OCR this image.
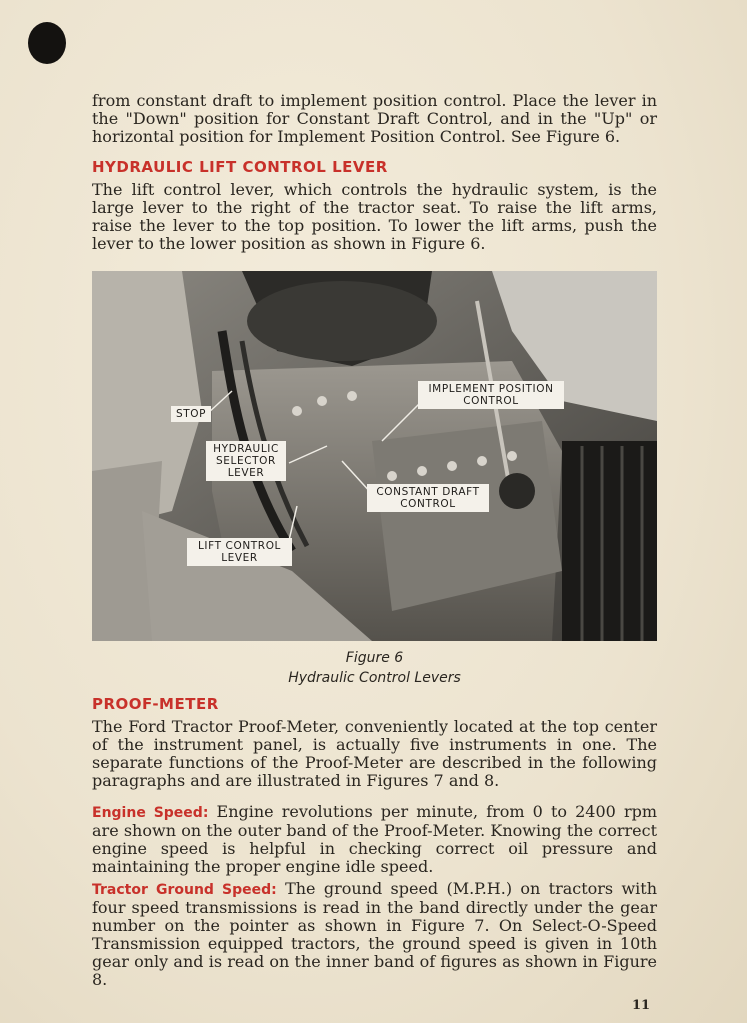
from constant draft to implement position control. Place the lever in the "Down" position for Constant Draft Control, and in the "Up" or horizontal position for Implement Position Control. See Figure 6.

HYDRAULIC LIFT CONTROL LEVER

The lift control lever, which controls the hydraulic system, is the large lever to the right of the tractor seat. To raise the lift arms, raise the lever to the top position. To lower the lift arms, push the lever to the lower position as shown in Figure 6.

STOP
IMPLEMENT POSITION CONTROL
HYDRAULIC SELECTOR LEVER
CONSTANT DRAFT CONTROL
LIFT CONTROL LEVER

Figure 6

Hydraulic Control Levers

PROOF-METER

The Ford Tractor Proof-Meter, conveniently located at the top center of the instrument panel, is actually five instruments in one. The separate functions of the Proof-Meter are described in the following paragraphs and are illustrated in Figures 7 and 8.

Engine Speed: Engine revolutions per minute, from 0 to 2400 rpm are shown on the outer band of the Proof-Meter. Knowing the correct engine speed is helpful in checking correct oil pressure and maintaining the proper engine idle speed.

Tractor Ground Speed: The ground speed (M.P.H.) on tractors with four speed transmissions is read in the band directly under the gear number on the pointer as shown in Figure 7. On Select-O-Speed Transmission equipped tractors, the ground speed is given in 10th gear only and is read on the inner band of figures as shown in Figure 8.

11
